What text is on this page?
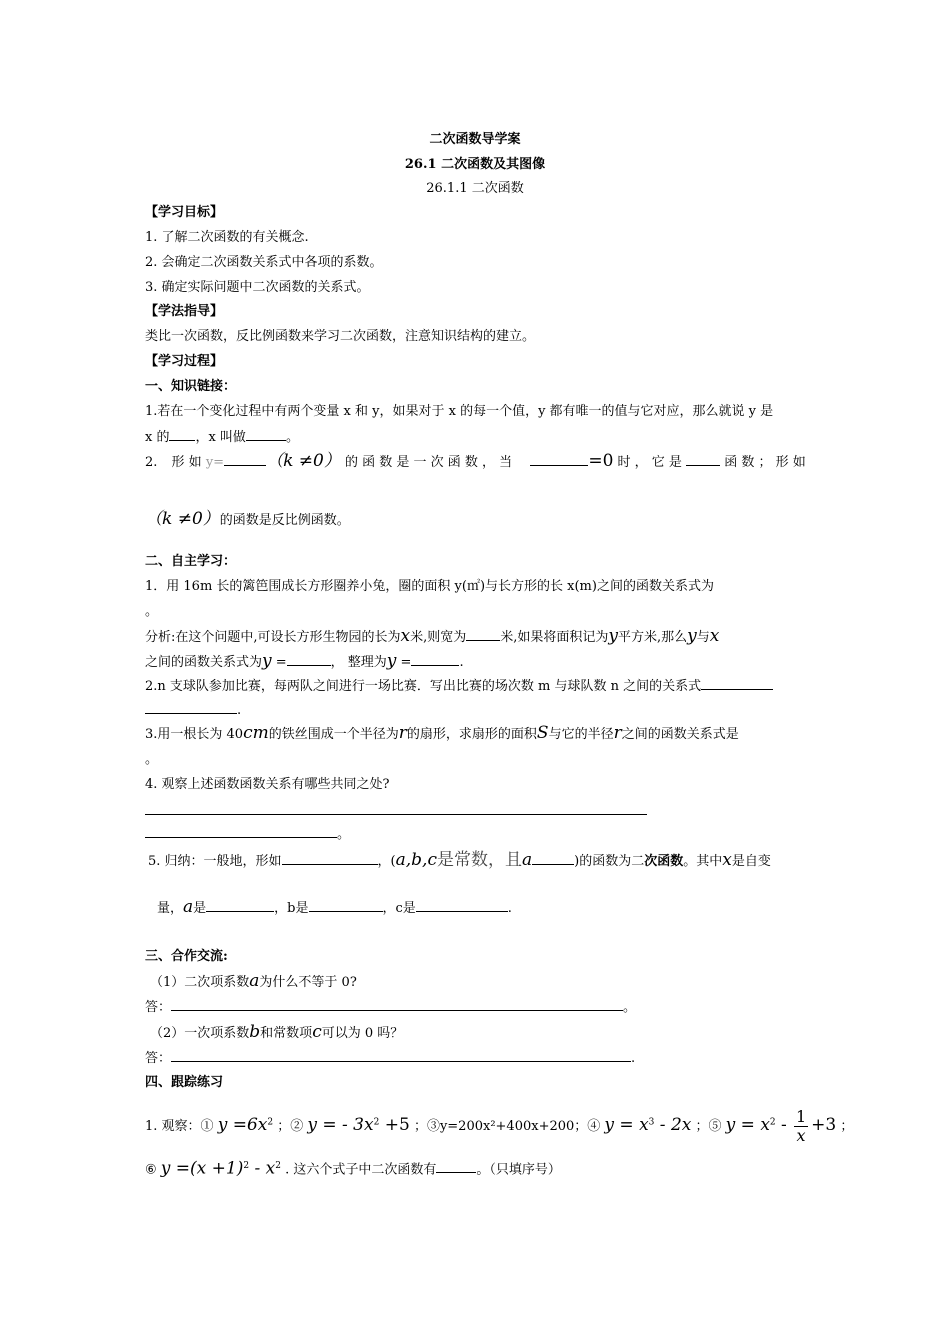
二次函数导学案
26.1 二次函数及其图像
26.1.1 二次函数
【学习目标】
1. 了解二次函数的有关概念.
2. 会确定二次函数关系式中各项的系数。
3. 确定实际问题中二次函数的关系式。
【学法指导】
类比一次函数，反比例函数来学习二次函数，注意知识结构的建立。
【学习过程】
一、知识链接：
1.若在一个变化过程中有两个变量 x 和 y，如果对于 x 的每一个值，y 都有唯一的值与它对应，那么就说 y 是
x 的 ，x 叫做	。
2. 形 如 y= （k ≠0） 的 函 数 是 一 次 函 数 ， 当	=0 时 ， 它 是	函 数 ； 形 如
（k ≠0）的函数是反比例函数。
二、自主学习：
1．用 16m 长的篱笆围成长方形圈养小兔，圈的面积 y(㎡)与长方形的长 x(m)之间的函数关系式为
。
分析:在这个问题中,可设长方形生物园的长为x米,则宽为	米,如果将面积记为y平方米,那么y与x
之间的函数关系式为y =	， 整理为y =	.
2.n 支球队参加比赛，每两队之间进行一场比赛．写出比赛的场次数 m 与球队数 n 之间的关系式
.
3.用一根长为 40cm的铁丝围成一个半径为r的扇形，求扇形的面积S与它的半径r之间的函数关系式是
。
4. 观察上述函数函数关系有哪些共同之处?
。
5. 归纳：一般地，形如	，(a,b,c是常数，且a	)的函数为二次函数。其中x是自变
量，a是	，b是	，c是	.
三、合作交流:
（1）二次项系数a为什么不等于 0?
答：	。
（2）一次项系数b和常数项c可以为 0 吗？
答：	.
四、跟踪练习
1. 观察：① $y =6x^2$ ；② y = - $3x^2 +5$ ；③y=200x²+400x+200；④ $y = x^3 - 2x$ ；⑤ $y = x^2 - \frac{1}{x} +3$ ；
⑥ $y =(x +1)^2 - x^2$ . 这六个式子中二次函数有	。（只填序号）
